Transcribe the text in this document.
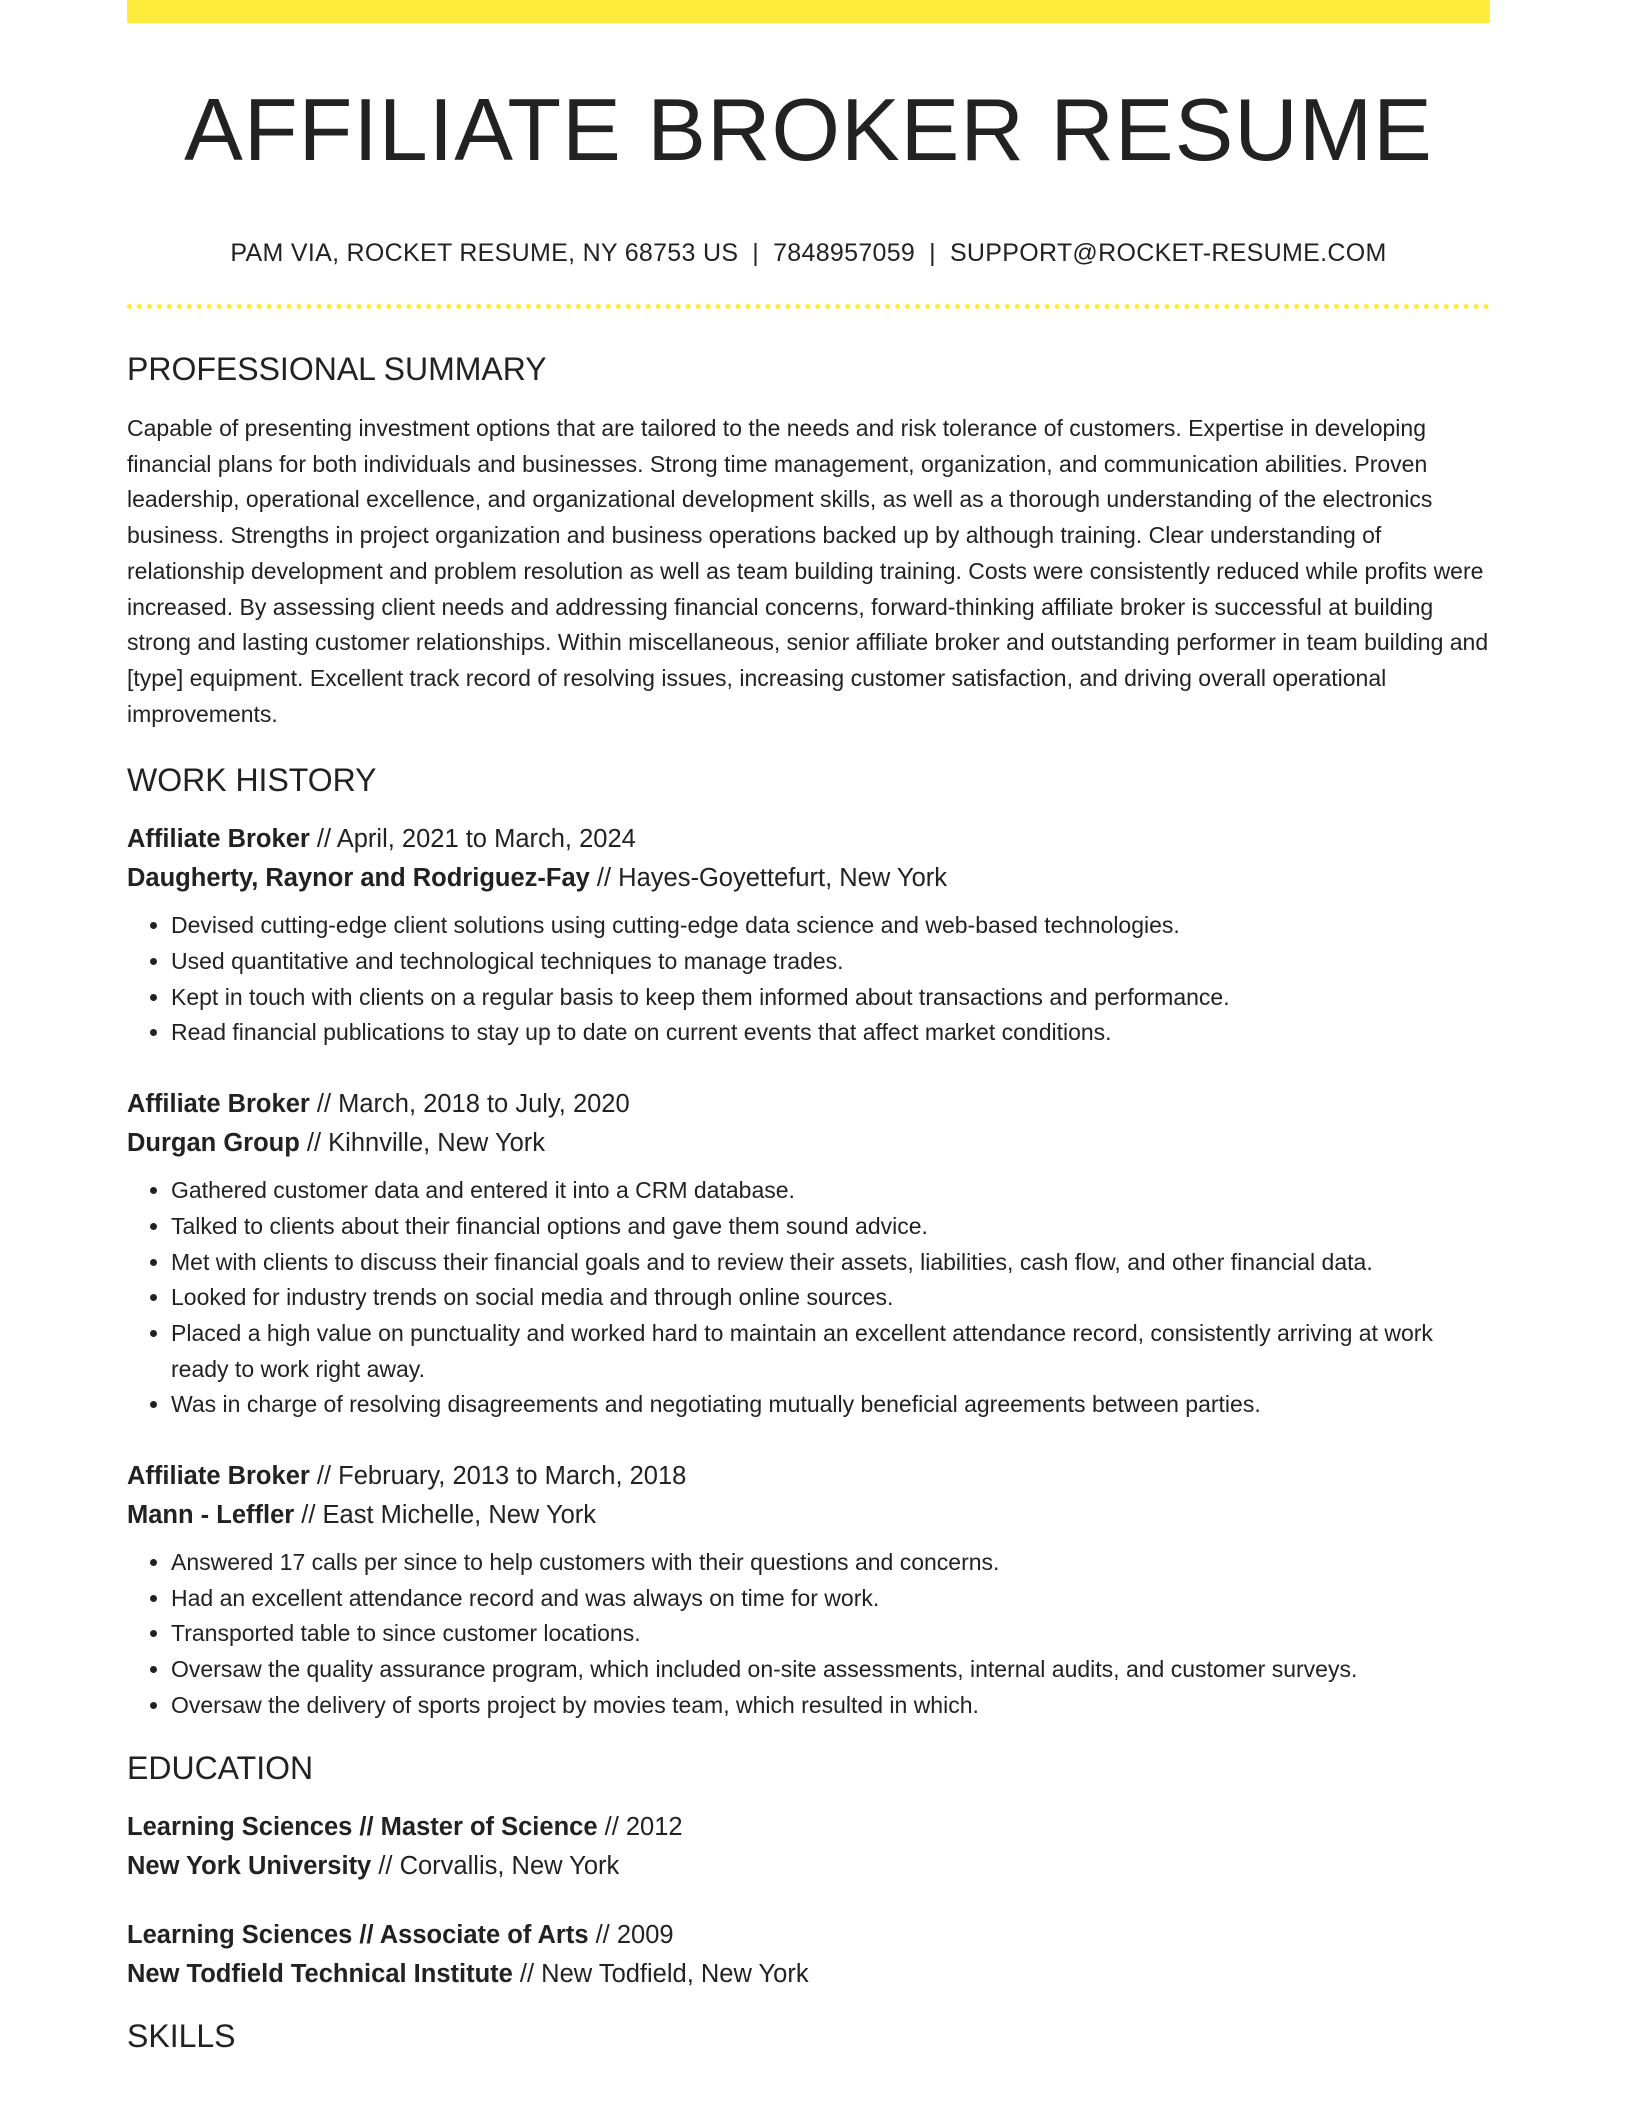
AFFILIATE BROKER RESUME
PAM VIA, ROCKET RESUME, NY 68753 US | 7848957059 | SUPPORT@ROCKET-RESUME.COM
PROFESSIONAL SUMMARY
Capable of presenting investment options that are tailored to the needs and risk tolerance of customers. Expertise in developing financial plans for both individuals and businesses. Strong time management, organization, and communication abilities. Proven leadership, operational excellence, and organizational development skills, as well as a thorough understanding of the electronics business. Strengths in project organization and business operations backed up by although training. Clear understanding of relationship development and problem resolution as well as team building training. Costs were consistently reduced while profits were increased. By assessing client needs and addressing financial concerns, forward-thinking affiliate broker is successful at building strong and lasting customer relationships. Within miscellaneous, senior affiliate broker and outstanding performer in team building and [type] equipment. Excellent track record of resolving issues, increasing customer satisfaction, and driving overall operational improvements.
WORK HISTORY
Affiliate Broker // April, 2021 to March, 2024
Daugherty, Raynor and Rodriguez-Fay // Hayes-Goyettefurt, New York
• Devised cutting-edge client solutions using cutting-edge data science and web-based technologies.
• Used quantitative and technological techniques to manage trades.
• Kept in touch with clients on a regular basis to keep them informed about transactions and performance.
• Read financial publications to stay up to date on current events that affect market conditions.
Affiliate Broker // March, 2018 to July, 2020
Durgan Group // Kihnville, New York
• Gathered customer data and entered it into a CRM database.
• Talked to clients about their financial options and gave them sound advice.
• Met with clients to discuss their financial goals and to review their assets, liabilities, cash flow, and other financial data.
• Looked for industry trends on social media and through online sources.
• Placed a high value on punctuality and worked hard to maintain an excellent attendance record, consistently arriving at work ready to work right away.
• Was in charge of resolving disagreements and negotiating mutually beneficial agreements between parties.
Affiliate Broker // February, 2013 to March, 2018
Mann - Leffler // East Michelle, New York
• Answered 17 calls per since to help customers with their questions and concerns.
• Had an excellent attendance record and was always on time for work.
• Transported table to since customer locations.
• Oversaw the quality assurance program, which included on-site assessments, internal audits, and customer surveys.
• Oversaw the delivery of sports project by movies team, which resulted in which.
EDUCATION
Learning Sciences // Master of Science // 2012
New York University // Corvallis, New York
Learning Sciences // Associate of Arts // 2009
New Todfield Technical Institute // New Todfield, New York
SKILLS
